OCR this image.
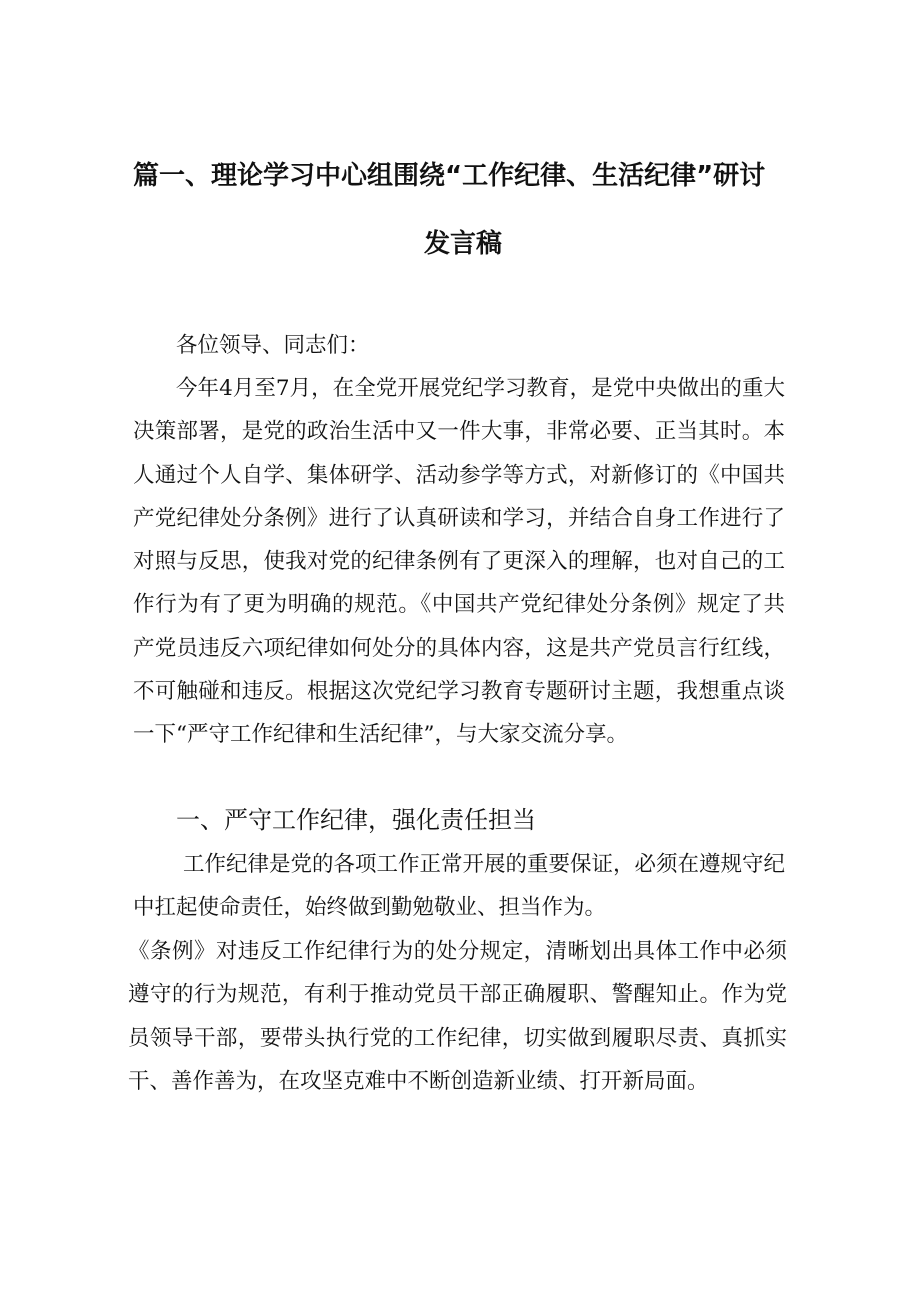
篇一、理论学习中心组围绕“工作纪律、生活纪律”研讨
发言稿
各位领导、同志们：
今年4月至7月，在全党开展党纪学习教育，是党中央做出的重大决策部署，是党的政治生活中又一件大事，非常必要、正当其时。本人通过个人自学、集体研学、活动参学等方式，对新修订的《中国共产党纪律处分条例》进行了认真研读和学习，并结合自身工作进行了对照与反思，使我对党的纪律条例有了更深入的理解，也对自己的工作行为有了更为明确的规范。《中国共产党纪律处分条例》规定了共产党员违反六项纪律如何处分的具体内容，这是共产党员言行红线，不可触碰和违反。根据这次党纪学习教育专题研讨主题，我想重点谈一下“严守工作纪律和生活纪律”，与大家交流分享。
一、严守工作纪律，强化责任担当
工作纪律是党的各项工作正常开展的重要保证，必须在遵规守纪中扛起使命责任，始终做到勤勉敬业、担当作为。
《条例》对违反工作纪律行为的处分规定，清晰划出具体工作中必须遵守的行为规范，有利于推动党员干部正确履职、警醒知止。作为党员领导干部，要带头执行党的工作纪律，切实做到履职尽责、真抓实干、善作善为，在攻坚克难中不断创造新业绩、打开新局面。
